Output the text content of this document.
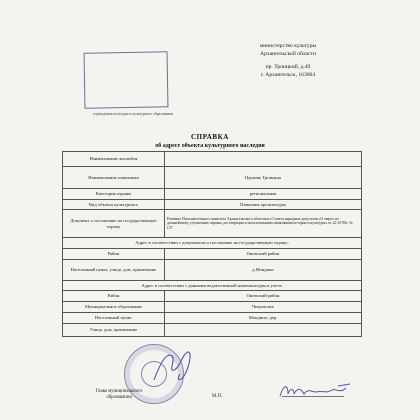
учреждения культуры и культурного образования
министерство культуры
Архангельской области
пр. Троицкий, д.49
г. Архангельск, 163004
СПРАВКА
об адресе объекта культурного наследия
Наименование ансамбля	
Наименование памятника	Церковь Троицкая
Категория охраны	региональная
Вид объекта культурного	Памятник архитектуры
Документ о постановке на государственную охрану	Решение Исполнительного комитета Архангельского областного Совета народных депутатов «О мерах по дальнейшему улучшению охраны, реставрации и использованию памятников истории и культуры» от 22.10.90г. № 157
Адрес в соответствии с документом о постановке на государственную охрану:	
Район	Онежский район
Населенный пункт, улица, дом, примечание	д.Мондино
Адрес в соответствии с данными ведомственной номенклатуры и учета:	
Район	Онежский район
Муниципальное образование	Чекуевское
Населенный пункт	Мондино, дер.
Улица, дом, примечание	
Глава муниципального
образования	М.П.
